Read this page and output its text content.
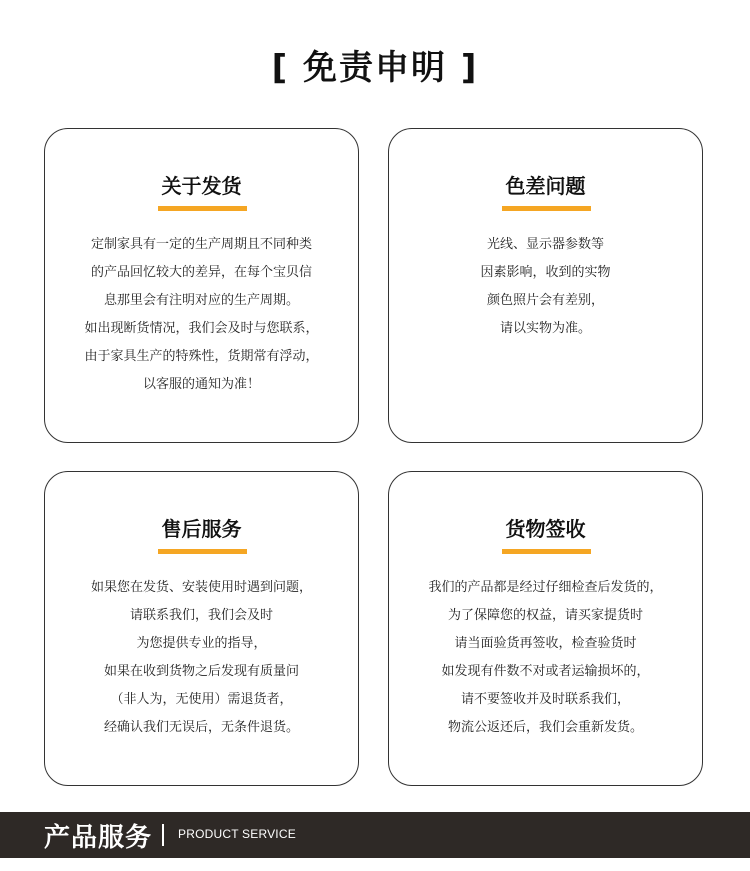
[ 免责申明 ]
关于发货
定制家具有一定的生产周期且不同种类
的产品回忆较大的差异，在每个宝贝信
息那里会有注明对应的生产周期。
如出现断货情况，我们会及时与您联系，
由于家具生产的特殊性，货期常有浮动，
以客服的通知为准！
色差问题
光线、显示器参数等
因素影响，收到的实物
颜色照片会有差别，
请以实物为准。
售后服务
如果您在发货、安装使用时遇到问题，
请联系我们，我们会及时
为您提供专业的指导，
如果在收到货物之后发现有质量问
（非人为，无使用）需退货者，
经确认我们无误后，无条件退货。
货物签收
我们的产品都是经过仔细检查后发货的，
为了保障您的权益，请买家提货时
请当面验货再签收，检查验货时
如发现有件数不对或者运输损坏的，
请不要签收并及时联系我们，
物流公返还后，我们会重新发货。
产品服务 PRODUCT SERVICE
